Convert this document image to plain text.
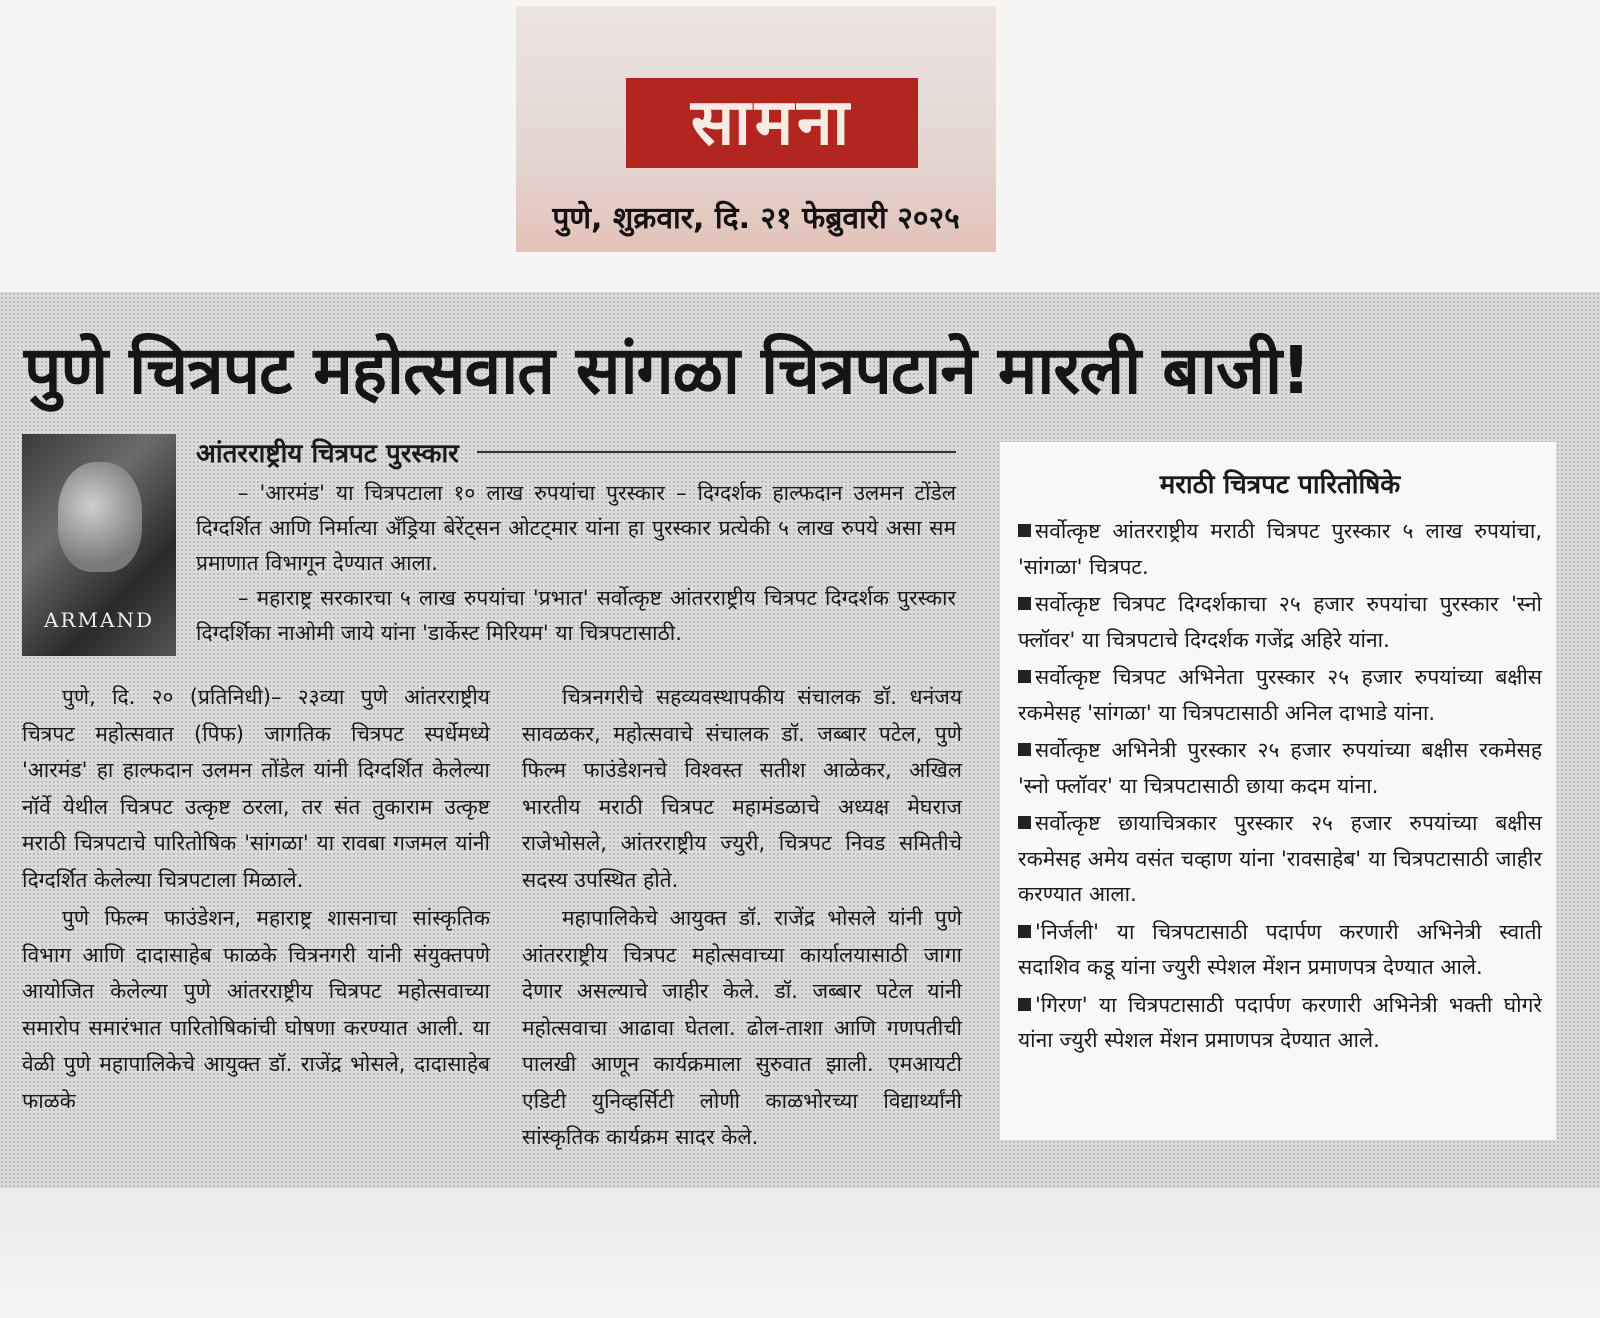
सामना
पुणे, शुक्रवार, दि. २१ फेब्रुवारी २०२५
पुणे चित्रपट महोत्सवात सांगळा चित्रपटाने मारली बाजी!
ARMAND
आंतरराष्ट्रीय चित्रपट पुरस्कार

– 'आरमंड' या चित्रपटाला १० लाख रुपयांचा पुरस्कार – दिग्दर्शक हाल्फदान उलमन टोंडेल दिग्दर्शित आणि निर्मात्या अँड्रिया बेरेंट्सन ओटट्मार यांना हा पुरस्कार प्रत्येकी ५ लाख रुपये असा सम प्रमाणात विभागून देण्यात आला.

– महाराष्ट्र सरकारचा ५ लाख रुपयांचा 'प्रभात' सर्वोत्कृष्ट आंतरराष्ट्रीय चित्रपट दिग्दर्शक पुरस्कार दिग्दर्शिका नाओमी जाये यांना 'डार्केस्ट मिरियम' या चित्रपटासाठी.

पुणे, दि. २० (प्रतिनिधी)– २३व्या पुणे आंतरराष्ट्रीय चित्रपट महोत्सवात (पिफ) जागतिक चित्रपट स्पर्धेमध्ये 'आरमंड' हा हाल्फदान उलमन तोंडेल यांनी दिग्दर्शित केलेल्या नॉर्वे येथील चित्रपट उत्कृष्ट ठरला, तर संत तुकाराम उत्कृष्ट मराठी चित्रपटाचे पारितोषिक 'सांगळा' या रावबा गजमल यांनी दिग्दर्शित केलेल्या चित्रपटाला मिळाले.

पुणे फिल्म फाउंडेशन, महाराष्ट्र शासनाचा सांस्कृतिक विभाग आणि दादासाहेब फाळके चित्रनगरी यांनी संयुक्तपणे आयोजित केलेल्या पुणे आंतरराष्ट्रीय चित्रपट महोत्सवाच्या समारोप समारंभात पारितोषिकांची घोषणा करण्यात आली. या वेळी पुणे महापालिकेचे आयुक्त डॉ. राजेंद्र भोसले, दादासाहेब फाळके

चित्रनगरीचे सहव्यवस्थापकीय संचालक डॉ. धनंजय सावळकर, महोत्सवाचे संचालक डॉ. जब्बार पटेल, पुणे फिल्म फाउंडेशनचे विश्वस्त सतीश आळेकर, अखिल भारतीय मराठी चित्रपट महामंडळाचे अध्यक्ष मेघराज राजेभोसले, आंतरराष्ट्रीय ज्युरी, चित्रपट निवड समितीचे सदस्य उपस्थित होते.

महापालिकेचे आयुक्त डॉ. राजेंद्र भोसले यांनी पुणे आंतरराष्ट्रीय चित्रपट महोत्सवाच्या कार्यालयासाठी जागा देणार असल्याचे जाहीर केले. डॉ. जब्बार पटेल यांनी महोत्सवाचा आढावा घेतला. ढोल-ताशा आणि गणपतीची पालखी आणून कार्यक्रमाला सुरुवात झाली. एमआयटी एडिटी युनिव्हर्सिटी लोणी काळभोरच्या विद्यार्थ्यांनी सांस्कृतिक कार्यक्रम सादर केले.

मराठी चित्रपट पारितोषिके
सर्वोत्कृष्ट आंतरराष्ट्रीय मराठी चित्रपट पुरस्कार ५ लाख रुपयांचा, 'सांगळा' चित्रपट.
सर्वोत्कृष्ट चित्रपट दिग्दर्शकाचा २५ हजार रुपयांचा पुरस्कार 'स्नो फ्लॉवर' या चित्रपटाचे दिग्दर्शक गजेंद्र अहिरे यांना.
सर्वोत्कृष्ट चित्रपट अभिनेता पुरस्कार २५ हजार रुपयांच्या बक्षीस रकमेसह 'सांगळा' या चित्रपटासाठी अनिल दाभाडे यांना.
सर्वोत्कृष्ट अभिनेत्री पुरस्कार २५ हजार रुपयांच्या बक्षीस रकमेसह 'स्नो फ्लॉवर' या चित्रपटासाठी छाया कदम यांना.
सर्वोत्कृष्ट छायाचित्रकार पुरस्कार २५ हजार रुपयांच्या बक्षीस रकमेसह अमेय वसंत चव्हाण यांना 'रावसाहेब' या चित्रपटासाठी जाहीर करण्यात आला.
'निर्जली' या चित्रपटासाठी पदार्पण करणारी अभिनेत्री स्वाती सदाशिव कडू यांना ज्युरी स्पेशल मेंशन प्रमाणपत्र देण्यात आले.
'गिरण' या चित्रपटासाठी पदार्पण करणारी अभिनेत्री भक्ती घोगरे यांना ज्युरी स्पेशल मेंशन प्रमाणपत्र देण्यात आले.
